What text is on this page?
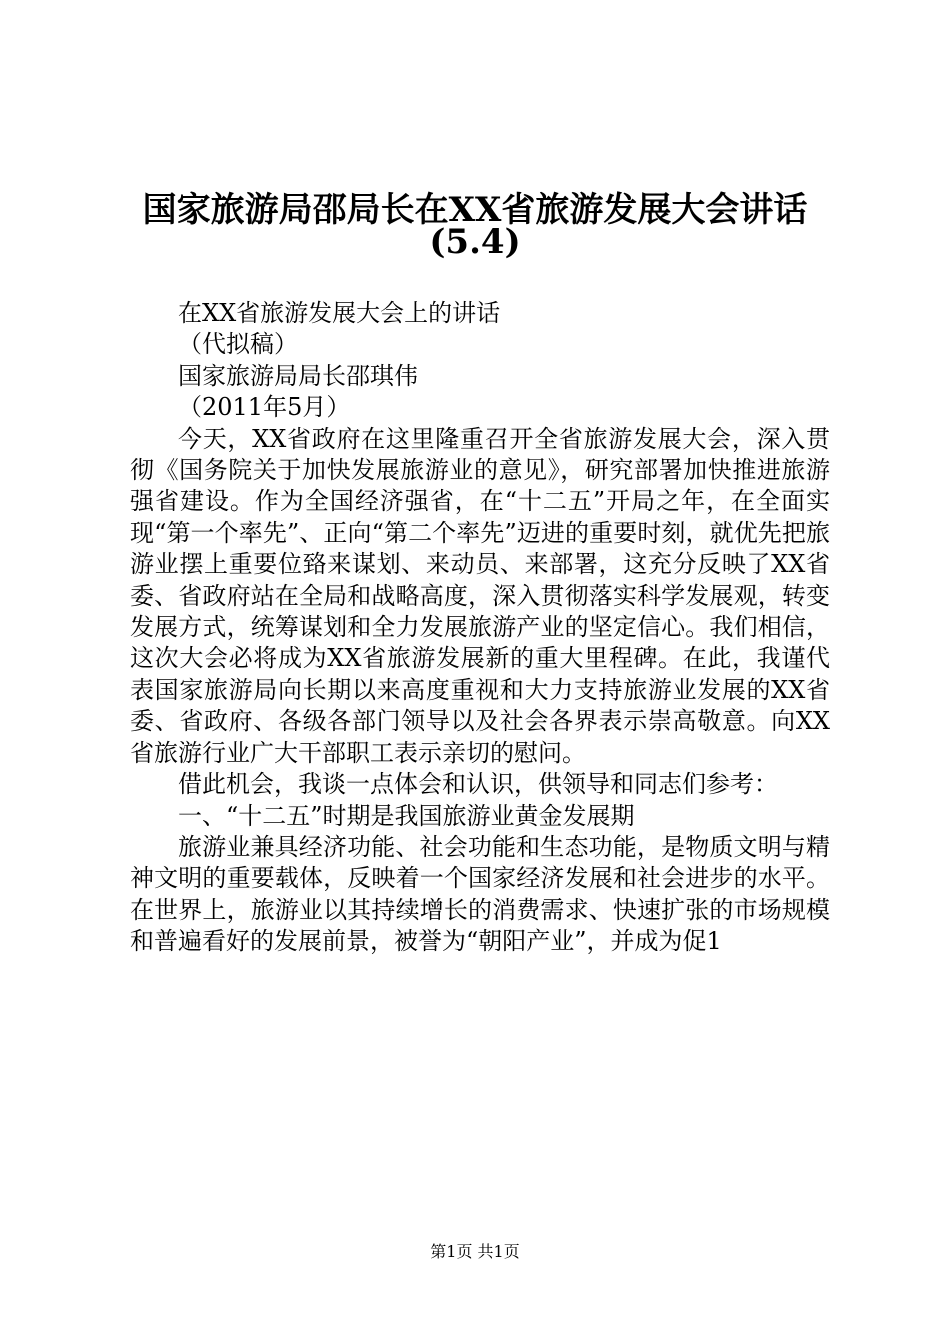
国家旅游局邵局长在XX省旅游发展大会讲话
(5.4)

在XX省旅游发展大会上的讲话

（代拟稿）

国家旅游局局长邵琪伟

（2011年5月）

今天，XX省政府在这里隆重召开全省旅游发展大会，深入贯彻《国务院关于加快发展旅游业的意见》，研究部署加快推进旅游强省建设。作为全国经济强省，在“十二五”开局之年，在全面实现“第一个率先”、正向“第二个率先”迈进的重要时刻，就优先把旅游业摆上重要位臵来谋划、来动员、来部署，这充分反映了XX省委、省政府站在全局和战略高度，深入贯彻落实科学发展观，转变发展方式，统筹谋划和全力发展旅游产业的坚定信心。我们相信，这次大会必将成为XX省旅游发展新的重大里程碑。在此，我谨代表国家旅游局向长期以来高度重视和大力支持旅游业发展的XX省委、省政府、各级各部门领导以及社会各界表示崇高敬意。向XX省旅游行业广大干部职工表示亲切的慰问。

借此机会，我谈一点体会和认识，供领导和同志们参考：

一、“十二五”时期是我国旅游业黄金发展期

旅游业兼具经济功能、社会功能和生态功能，是物质文明与精神文明的重要载体，反映着一个国家经济发展和社会进步的水平。在世界上，旅游业以其持续增长的消费需求、快速扩张的市场规模和普遍看好的发展前景，被誉为“朝阳产业”，并成为促1

第1页 共1页
